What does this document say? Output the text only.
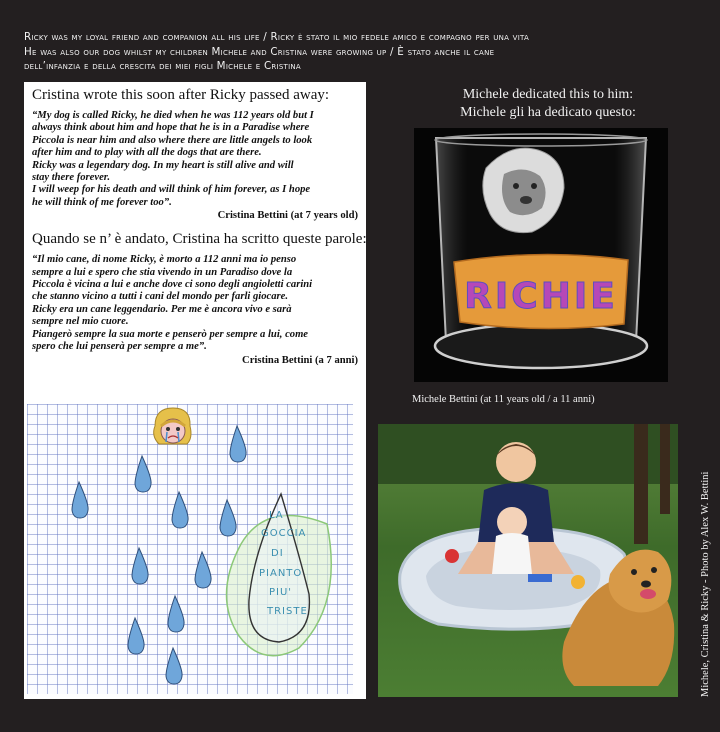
Ricky was my loyal friend and companion all his life / Ricky è stato il mio fedele amico e compagno per una vita
He was also our dog whilst my children Michele and Cristina were growing up / È stato anche il cane
dell’infanzia e della crescita dei miei figli Michele e Cristina
Cristina wrote this soon after Ricky passed away:
“My dog is called Ricky, he died when he was 112 years old but I
always think about him and hope that he is in a Paradise where
Piccola is near him and also where there are little angels to look
after him and to play with all the dogs that are there.
Ricky was a legendary dog. In my heart is still alive and will
stay there forever.
I will weep for his death and will think of him forever, as I hope
he will think of me forever too”.
Cristina Bettini (at 7 years old)
Quando se n’ è andato, Cristina ha scritto queste parole:
“Il mio cane, di nome Ricky, è morto a 112 anni ma io penso
sempre a lui e spero che stia vivendo in un Paradiso dove la
Piccola è vicina a lui e anche dove ci sono degli angioletti carini
che stanno vicino a tutti i cani del mondo per farli giocare.
Ricky era un cane leggendario. Per me è ancora vivo e sarà
sempre nel mio cuore.
Piangerò sempre la sua morte e penserò per sempre a lui, come
spero che lui penserà per sempre a me”.
Cristina Bettini (a 7 anni)
LA
GOCCIA
DI
PIANTO
PIU'
TRISTE
Michele dedicated this to him:
Michele gli ha dedicato questo:
RICHIE
Michele Bettini (at 11 years old / a 11 anni)
Michele, Cristina & Ricky - Photo by Alex W. Bettini
